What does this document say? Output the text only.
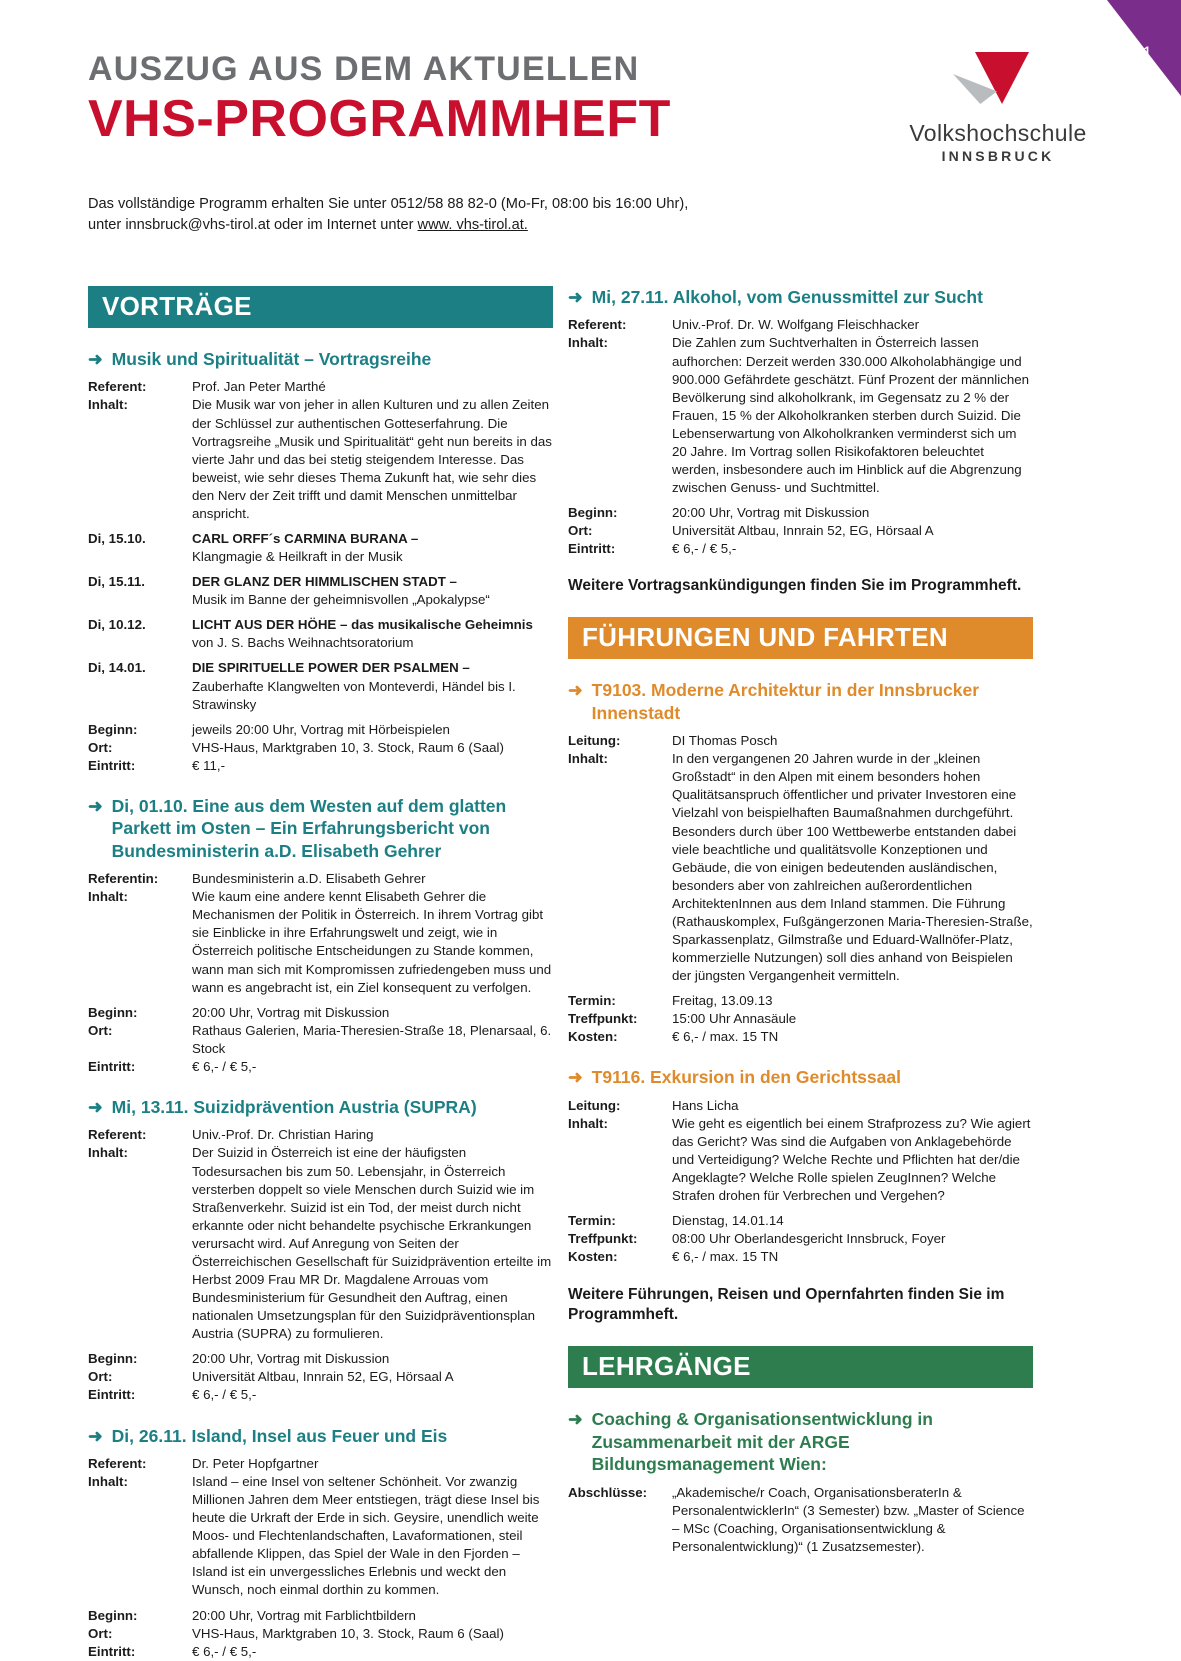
31
AUSZUG AUS DEM AKTUELLEN
VHS-PROGRAMMHEFT	Volkshochschule
INNSBRUCK
Das vollständige Programm erhalten Sie unter 0512/58 88 82-0 (Mo-Fr, 08:00 bis 16:00 Uhr),
unter innsbruck@vhs-tirol.at oder im Internet unter www. vhs-tirol.at.
VORTRÄGE
➜ Musik und Spiritualität – Vortragsreihe
Referent:	Prof. Jan Peter Marthé
Inhalt:	Die Musik war von jeher in allen Kulturen und zu allen Zeiten der Schlüssel zur authentischen Gotteserfahrung. Die Vortragsreihe „Musik und Spiritualität“ geht nun bereits in das vierte Jahr und das bei stetig steigendem Interesse. Das beweist, wie sehr dieses Thema Zukunft hat, wie sehr dies den Nerv der Zeit trifft und damit Menschen unmittelbar anspricht.
Di, 15.10.	CARL ORFF´s CARMINA BURANA –
Klangmagie & Heilkraft in der Musik
Di, 15.11.	DER GLANZ DER HIMMLISCHEN STADT –
Musik im Banne der geheimnisvollen „Apokalypse“
Di, 10.12.	LICHT AUS DER HÖHE – das musikalische Geheimnis
von J. S. Bachs Weihnachtsoratorium
Di, 14.01.	DIE SPIRITUELLE POWER DER PSALMEN –
Zauberhafte Klangwelten von Monteverdi, Händel bis I. Strawinsky
Beginn:	jeweils 20:00 Uhr, Vortrag mit Hörbeispielen
Ort:	VHS-Haus, Marktgraben 10, 3. Stock, Raum 6 (Saal)
Eintritt:	€ 11,-
➜ Di, 01.10. Eine aus dem Westen auf dem glatten Parkett im Osten – Ein Erfahrungsbericht von Bundesministerin a.D. Elisabeth Gehrer
Referentin:	Bundesministerin a.D. Elisabeth Gehrer
Inhalt:	Wie kaum eine andere kennt Elisabeth Gehrer die Mechanismen der Politik in Österreich. In ihrem Vortrag gibt sie Einblicke in ihre Erfahrungswelt und zeigt, wie in Österreich politische Entscheidungen zu Stande kommen, wann man sich mit Kompromissen zufriedengeben muss und wann es angebracht ist, ein Ziel konsequent zu verfolgen.
Beginn:	20:00 Uhr, Vortrag mit Diskussion
Ort:	Rathaus Galerien, Maria-Theresien-Straße 18, Plenarsaal, 6. Stock
Eintritt:	€ 6,- / € 5,-
➜ Mi, 13.11. Suizidprävention Austria (SUPRA)
Referent:	Univ.-Prof. Dr. Christian Haring
Inhalt:	Der Suizid in Österreich ist eine der häufigsten Todesursachen bis zum 50. Lebensjahr, in Österreich versterben doppelt so viele Menschen durch Suizid wie im Straßenverkehr. Suizid ist ein Tod, der meist durch nicht erkannte oder nicht behandelte psychische Erkrankungen verursacht wird. Auf Anregung von Seiten der Österreichischen Gesellschaft für Suizidprävention erteilte im Herbst 2009 Frau MR Dr. Magdalene Arrouas vom Bundesministerium für Gesundheit den Auftrag, einen nationalen Umsetzungsplan für den Suizidpräventionsplan Austria (SUPRA) zu formulieren.
Beginn:	20:00 Uhr, Vortrag mit Diskussion
Ort:	Universität Altbau, Innrain 52, EG, Hörsaal A
Eintritt:	€ 6,- / € 5,-
➜ Di, 26.11. Island, Insel aus Feuer und Eis
Referent:	Dr. Peter Hopfgartner
Inhalt:	Island – eine Insel von seltener Schönheit. Vor zwanzig Millionen Jahren dem Meer entstiegen, trägt diese Insel bis heute die Urkraft der Erde in sich. Geysire, unendlich weite Moos- und Flechtenlandschaften, Lavaformationen, steil abfallende Klippen, das Spiel der Wale in den Fjorden – Island ist ein unvergessliches Erlebnis und weckt den Wunsch, noch einmal dorthin zu kommen.
Beginn:	20:00 Uhr, Vortrag mit Farblichtbildern
Ort:	VHS-Haus, Marktgraben 10, 3. Stock, Raum 6 (Saal)
Eintritt:	€ 6,- / € 5,-
➜ Mi, 27.11. Alkohol, vom Genussmittel zur Sucht
Referent:	Univ.-Prof. Dr. W. Wolfgang Fleischhacker
Inhalt:	Die Zahlen zum Suchtverhalten in Österreich lassen aufhorchen: Derzeit werden 330.000 Alkoholabhängige und 900.000 Gefährdete geschätzt. Fünf Prozent der männlichen Bevölkerung sind alkoholkrank, im Gegensatz zu 2 % der Frauen, 15 % der Alkoholkranken sterben durch Suizid. Die Lebenserwartung von Alkoholkranken verminderst sich um 20 Jahre. Im Vortrag sollen Risikofaktoren beleuchtet werden, insbesondere auch im Hinblick auf die Abgrenzung zwischen Genuss- und Suchtmittel.
Beginn:	20:00 Uhr, Vortrag mit Diskussion
Ort:	Universität Altbau, Innrain 52, EG, Hörsaal A
Eintritt:	€ 6,- / € 5,-
Weitere Vortragsankündigungen finden Sie im Programmheft.
FÜHRUNGEN UND FAHRTEN
➜ T9103. Moderne Architektur in der Innsbrucker Innenstadt
Leitung:	DI Thomas Posch
Inhalt:	In den vergangenen 20 Jahren wurde in der „kleinen Großstadt“ in den Alpen mit einem besonders hohen Qualitätsanspruch öffentlicher und privater Investoren eine Vielzahl von beispielhaften Baumaßnahmen durchgeführt. Besonders durch über 100 Wettbewerbe entstanden dabei viele beachtliche und qualitätsvolle Konzeptionen und Gebäude, die von einigen bedeutenden ausländischen, besonders aber von zahlreichen außerordentlichen ArchitektenInnen aus dem Inland stammen. Die Führung (Rathauskomplex, Fußgängerzonen Maria-Theresien-Straße, Sparkassenplatz, Gilmstraße und Eduard-Wallnöfer-Platz, kommerzielle Nutzungen) soll dies anhand von Beispielen der jüngsten Vergangenheit vermitteln.
Termin:	Freitag, 13.09.13
Treffpunkt:	15:00 Uhr Annasäule
Kosten:	€ 6,- / max. 15 TN
➜ T9116. Exkursion in den Gerichtssaal
Leitung:	Hans Licha
Inhalt:	Wie geht es eigentlich bei einem Strafprozess zu? Wie agiert das Gericht? Was sind die Aufgaben von Anklagebehörde und Verteidigung? Welche Rechte und Pflichten hat der/die Angeklagte? Welche Rolle spielen ZeugInnen? Welche Strafen drohen für Verbrechen und Vergehen?
Termin:	Dienstag, 14.01.14
Treffpunkt:	08:00 Uhr Oberlandesgericht Innsbruck, Foyer
Kosten:	€ 6,- / max. 15 TN
Weitere Führungen, Reisen und Opernfahrten finden Sie im Programmheft.
LEHRGÄNGE
➜ Coaching & Organisationsentwicklung in Zusammenarbeit mit der ARGE Bildungsmanagement Wien:
Abschlüsse:	„Akademische/r Coach, OrganisationsberaterIn & PersonalentwicklerIn“ (3 Semester) bzw. „Master of Science – MSc (Coaching, Organisationsentwicklung & Personalentwicklung)“ (1 Zusatzsemester).
